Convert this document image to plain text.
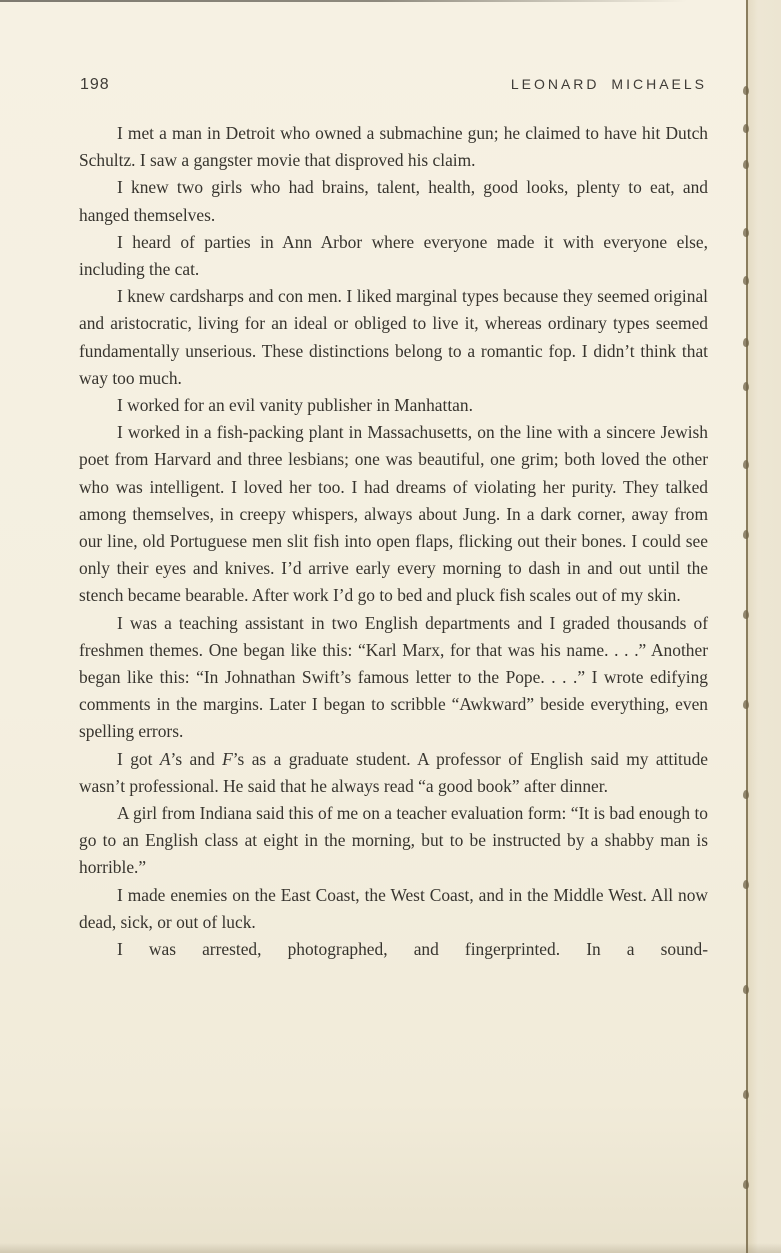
198	LEONARD MICHAELS

I met a man in Detroit who owned a submachine gun; he claimed to have hit Dutch Schultz. I saw a gangster movie that disproved his claim.

I knew two girls who had brains, talent, health, good looks, plenty to eat, and hanged themselves.

I heard of parties in Ann Arbor where everyone made it with everyone else, including the cat.

I knew cardsharps and con men. I liked marginal types because they seemed original and aristocratic, living for an ideal or obliged to live it, whereas ordinary types seemed fundamentally unserious. These distinctions belong to a romantic fop. I didn’t think that way too much.

I worked for an evil vanity publisher in Manhattan.

I worked in a fish-packing plant in Massachusetts, on the line with a sincere Jewish poet from Harvard and three lesbians; one was beautiful, one grim; both loved the other who was intelligent. I loved her too. I had dreams of violating her purity. They talked among themselves, in creepy whispers, always about Jung. In a dark corner, away from our line, old Portuguese men slit fish into open flaps, flicking out their bones. I could see only their eyes and knives. I’d arrive early every morning to dash in and out until the stench became bearable. After work I’d go to bed and pluck fish scales out of my skin.

I was a teaching assistant in two English departments and I graded thousands of freshmen themes. One began like this: “Karl Marx, for that was his name. . . .” Another began like this: “In Johnathan Swift’s famous letter to the Pope. . . .” I wrote edifying comments in the margins. Later I began to scribble “Awkward” beside everything, even spelling errors.

I got A’s and F’s as a graduate student. A professor of English said my attitude wasn’t professional. He said that he always read “a good book” after dinner.

A girl from Indiana said this of me on a teacher evaluation form: “It is bad enough to go to an English class at eight in the morning, but to be instructed by a shabby man is horrible.”

I made enemies on the East Coast, the West Coast, and in the Middle West. All now dead, sick, or out of luck.

I was arrested, photographed, and fingerprinted. In a sound-
